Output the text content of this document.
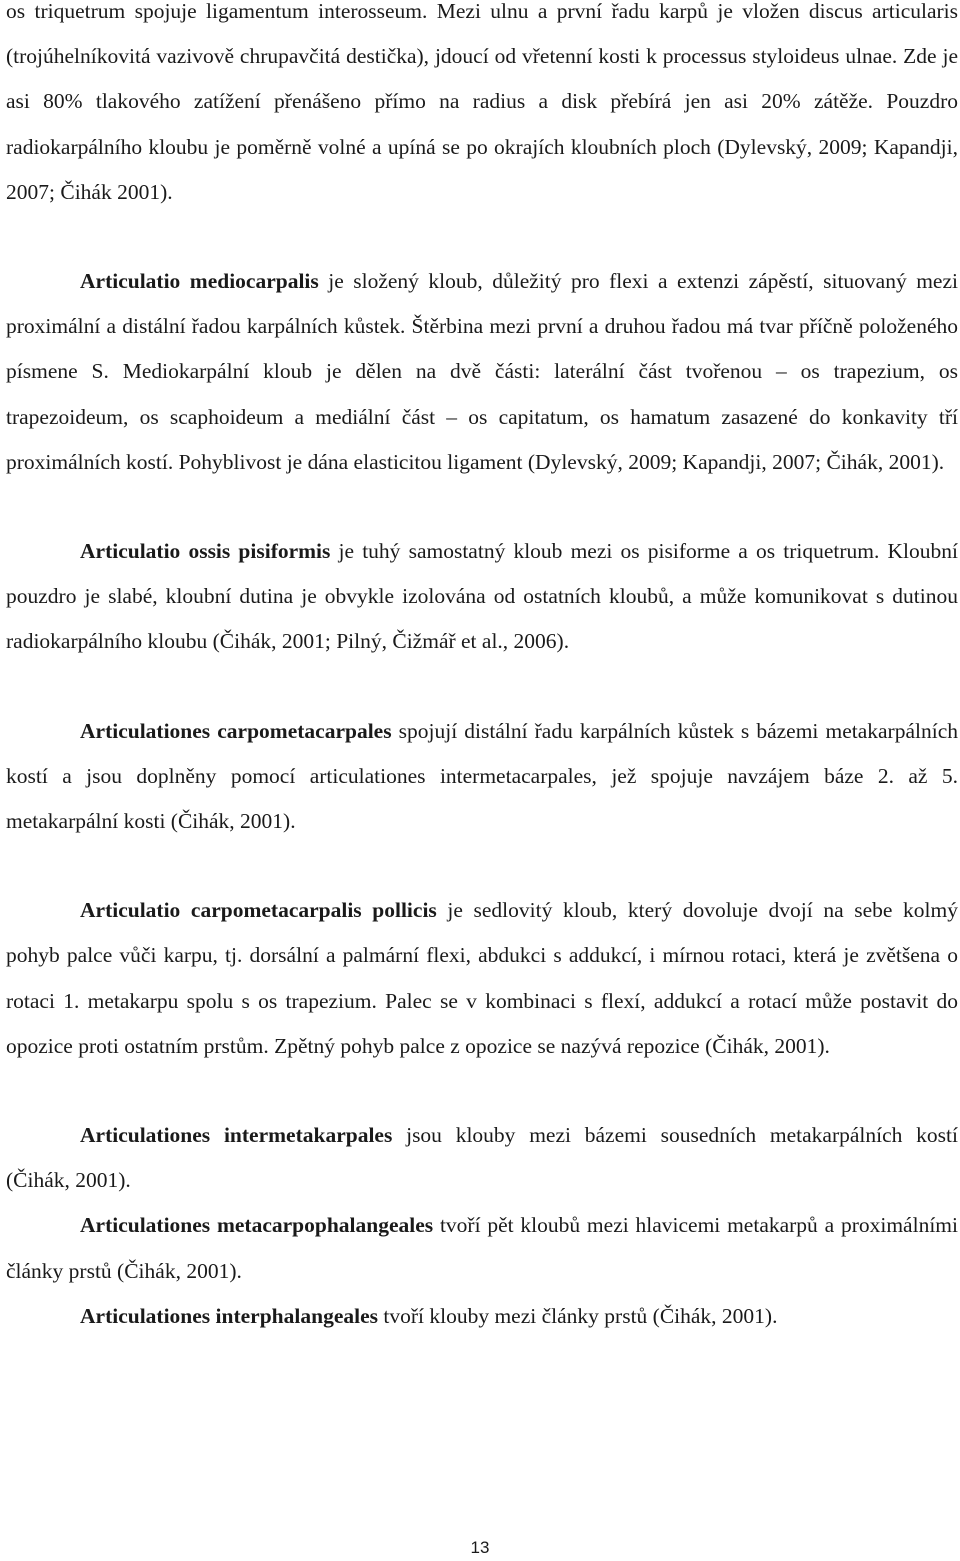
os triquetrum spojuje ligamentum interosseum. Mezi ulnu a první řadu karpů je vložen discus articularis (trojúhelníkovitá vazivově chrupavčitá destička), jdoucí od vřetenní kosti k processus styloideus ulnae. Zde je asi 80% tlakového zatížení přenášeno přímo na radius a disk přebírá jen asi 20% zátěže. Pouzdro radiokarpálního kloubu je poměrně volné a upíná se po okrajích kloubních ploch (Dylevský, 2009; Kapandji, 2007; Čihák 2001).

Articulatio mediocarpalis je složený kloub, důležitý pro flexi a extenzi zápěstí, situovaný mezi proximální a distální řadou karpálních kůstek. Štěrbina mezi první a druhou řadou má tvar příčně položeného písmene S. Mediokarpální kloub je dělen na dvě části: laterální část tvořenou – os trapezium, os trapezoideum, os scaphoideum a mediální část – os capitatum, os hamatum zasazené do konkavity tří proximálních kostí. Pohyblivost je dána elasticitou ligament (Dylevský, 2009; Kapandji, 2007; Čihák, 2001).

Articulatio ossis pisiformis je tuhý samostatný kloub mezi os pisiforme a os triquetrum. Kloubní pouzdro je slabé, kloubní dutina je obvykle izolována od ostatních kloubů, a může komunikovat s dutinou radiokarpálního kloubu (Čihák, 2001; Pilný, Čižmář et al., 2006).

Articulationes carpometacarpales spojují distální řadu karpálních kůstek s bázemi metakarpálních kostí a jsou doplněny pomocí articulationes intermetacarpales, jež spojuje navzájem báze 2. až 5. metakarpální kosti (Čihák, 2001).

Articulatio carpometacarpalis pollicis je sedlovitý kloub, který dovoluje dvojí na sebe kolmý pohyb palce vůči karpu, tj. dorsální a palmární flexi, abdukci s addukcí, i mírnou rotaci, která je zvětšena o rotaci 1. metakarpu spolu s os trapezium. Palec se v kombinaci s flexí, addukcí a rotací může postavit do opozice proti ostatním prstům. Zpětný pohyb palce z opozice se nazývá repozice (Čihák, 2001).

Articulationes intermetakarpales jsou klouby mezi bázemi sousedních metakarpálních kostí (Čihák, 2001).

Articulationes metacarpophalangeales tvoří pět kloubů mezi hlavicemi metakarpů a proximálními články prstů (Čihák, 2001).

Articulationes interphalangeales tvoří klouby mezi články prstů (Čihák, 2001).

13
